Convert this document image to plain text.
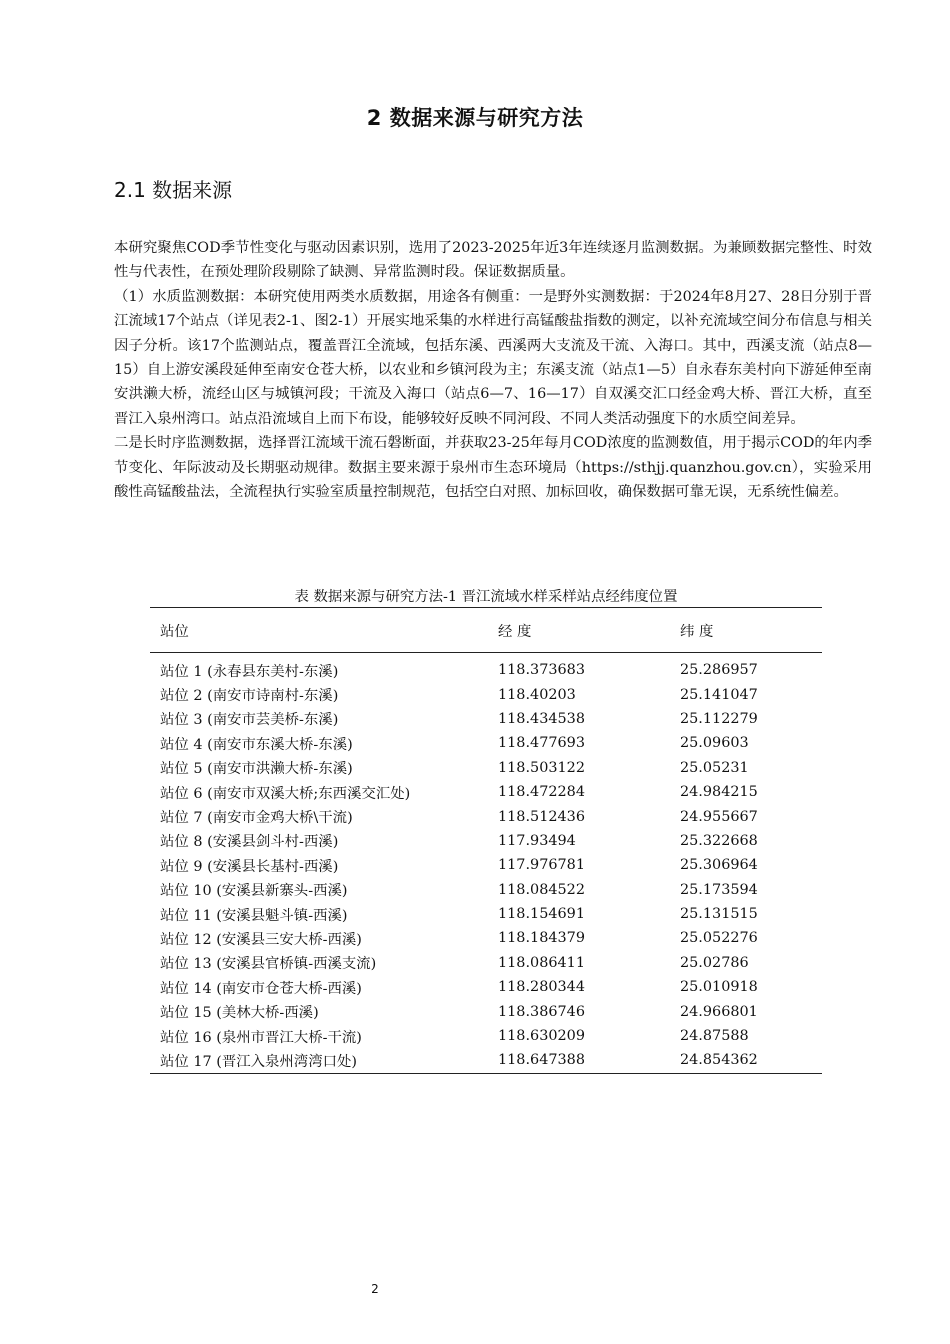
2 数据来源与研究方法
2.1 数据来源

本研究聚焦COD季节性变化与驱动因素识别，选用了2023-2025年近3年连续逐月监测数据。为兼顾数据完整性、时效性与代表性，在预处理阶段剔除了缺测、异常监测时段。保证数据质量。

（1）水质监测数据：本研究使用两类水质数据，用途各有侧重：一是野外实测数据：于2024年8月27、28日分别于晋江流域17个站点（详见表2-1、图2-1）开展实地采集的水样进行高锰酸盐指数的测定，以补充流域空间分布信息与相关因子分析。该17个监测站点，覆盖晋江全流域，包括东溪、西溪两大支流及干流、入海口。其中，西溪支流（站点8—15）自上游安溪段延伸至南安仓苍大桥，以农业和乡镇河段为主；东溪支流（站点1—5）自永春东美村向下游延伸至南安洪濑大桥，流经山区与城镇河段；干流及入海口（站点6—7、16—17）自双溪交汇口经金鸡大桥、晋江大桥，直至晋江入泉州湾口。站点沿流域自上而下布设，能够较好反映不同河段、不同人类活动强度下的水质空间差异。

二是长时序监测数据，选择晋江流域干流石磐断面，并获取23-25年每月COD浓度的监测数值，用于揭示COD的年内季节变化、年际波动及长期驱动规律。数据主要来源于泉州市生态环境局（https://sthjj.quanzhou.gov.cn），实验采用酸性高锰酸盐法，全流程执行实验室质量控制规范，包括空白对照、加标回收，确保数据可靠无误，无系统性偏差。

表 数据来源与研究方法-1 晋江流域水样采样站点经纬度位置
站位	经 度	纬 度
站位 1 (永春县东美村-东溪)	118.373683	25.286957
站位 2 (南安市诗南村-东溪)	118.40203	25.141047
站位 3 (南安市芸美桥-东溪)	118.434538	25.112279
站位 4 (南安市东溪大桥-东溪)	118.477693	25.09603
站位 5 (南安市洪濑大桥-东溪)	118.503122	25.05231
站位 6 (南安市双溪大桥;东西溪交汇处)	118.472284	24.984215
站位 7 (南安市金鸡大桥\干流)	118.512436	24.955667
站位 8 (安溪县剑斗村-西溪)	117.93494	25.322668
站位 9 (安溪县长基村-西溪)	117.976781	25.306964
站位 10 (安溪县新寨头-西溪)	118.084522	25.173594
站位 11 (安溪县魁斗镇-西溪)	118.154691	25.131515
站位 12 (安溪县三安大桥-西溪)	118.184379	25.052276
站位 13 (安溪县官桥镇-西溪支流)	118.086411	25.02786
站位 14 (南安市仓苍大桥-西溪)	118.280344	25.010918
站位 15 (美林大桥-西溪)	118.386746	24.966801
站位 16 (泉州市晋江大桥-干流)	118.630209	24.87588
站位 17 (晋江入泉州湾湾口处)	118.647388	24.854362
2
